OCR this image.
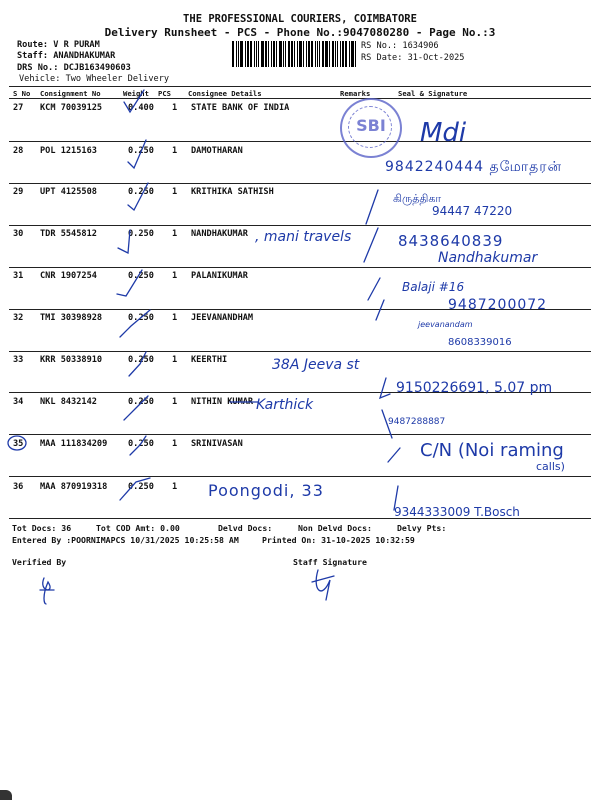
THE PROFESSIONAL COURIERS, COIMBATORE
Delivery Runsheet - PCS - Phone No.:9047080280 - Page No.:3
Route: V R PURAM
Staff: ANANDHAKUMAR
DRS No.: DCJB163490603
Vehicle: Two Wheeler Delivery
RS No.: 1634906
RS Date: 31-Oct-2025
S No Consignment No	Weight PCS Consignee Details	Remarks	Seal & Signature
27 KCM 70039125	0.400 1 STATE BANK OF INDIA
28 POL 1215163	0.250 1 DAMOTHARAN
29 UPT 4125508	0.250 1 KRITHIKA SATHISH
30 TDR 5545812	0.250 1 NANDHAKUMAR
31 CNR 1907254	0.250 1 PALANIKUMAR
32 TMI 30398928	0.250 1 JEEVANANDHAM
33 KRR 50338910	0.250 1 KEERTHI
34 NKL 8432142	0.250 1 NITHIN KUMAR
35 MAA 111834209 0.250 1 SRINIVASAN
36 MAA 870919318 0.250 1
Tot Docs: 36	Tot COD Amt: 0.00	Delvd Docs:	Non Delvd Docs:	Delvy Pts:
Entered By :POORNIMAPCS 10/31/2025 10:25:58 AM	Printed On: 31-10-2025 10:32:59
Verified By	Staff Signature
SBI	Mdi
9842240444 தமோதரன்
கிருத்திகா
94447 47220
, mani travels	8438640839
Nandhakumar
Balaji #16
9487200072
jeevanandam
8608339016
38A Jeeva st
9150226691, 5.07 pm
Karthick
9487288887
C/N (Noi raming
calls)
Poongodi, 33
9344333009 T.Bosch
